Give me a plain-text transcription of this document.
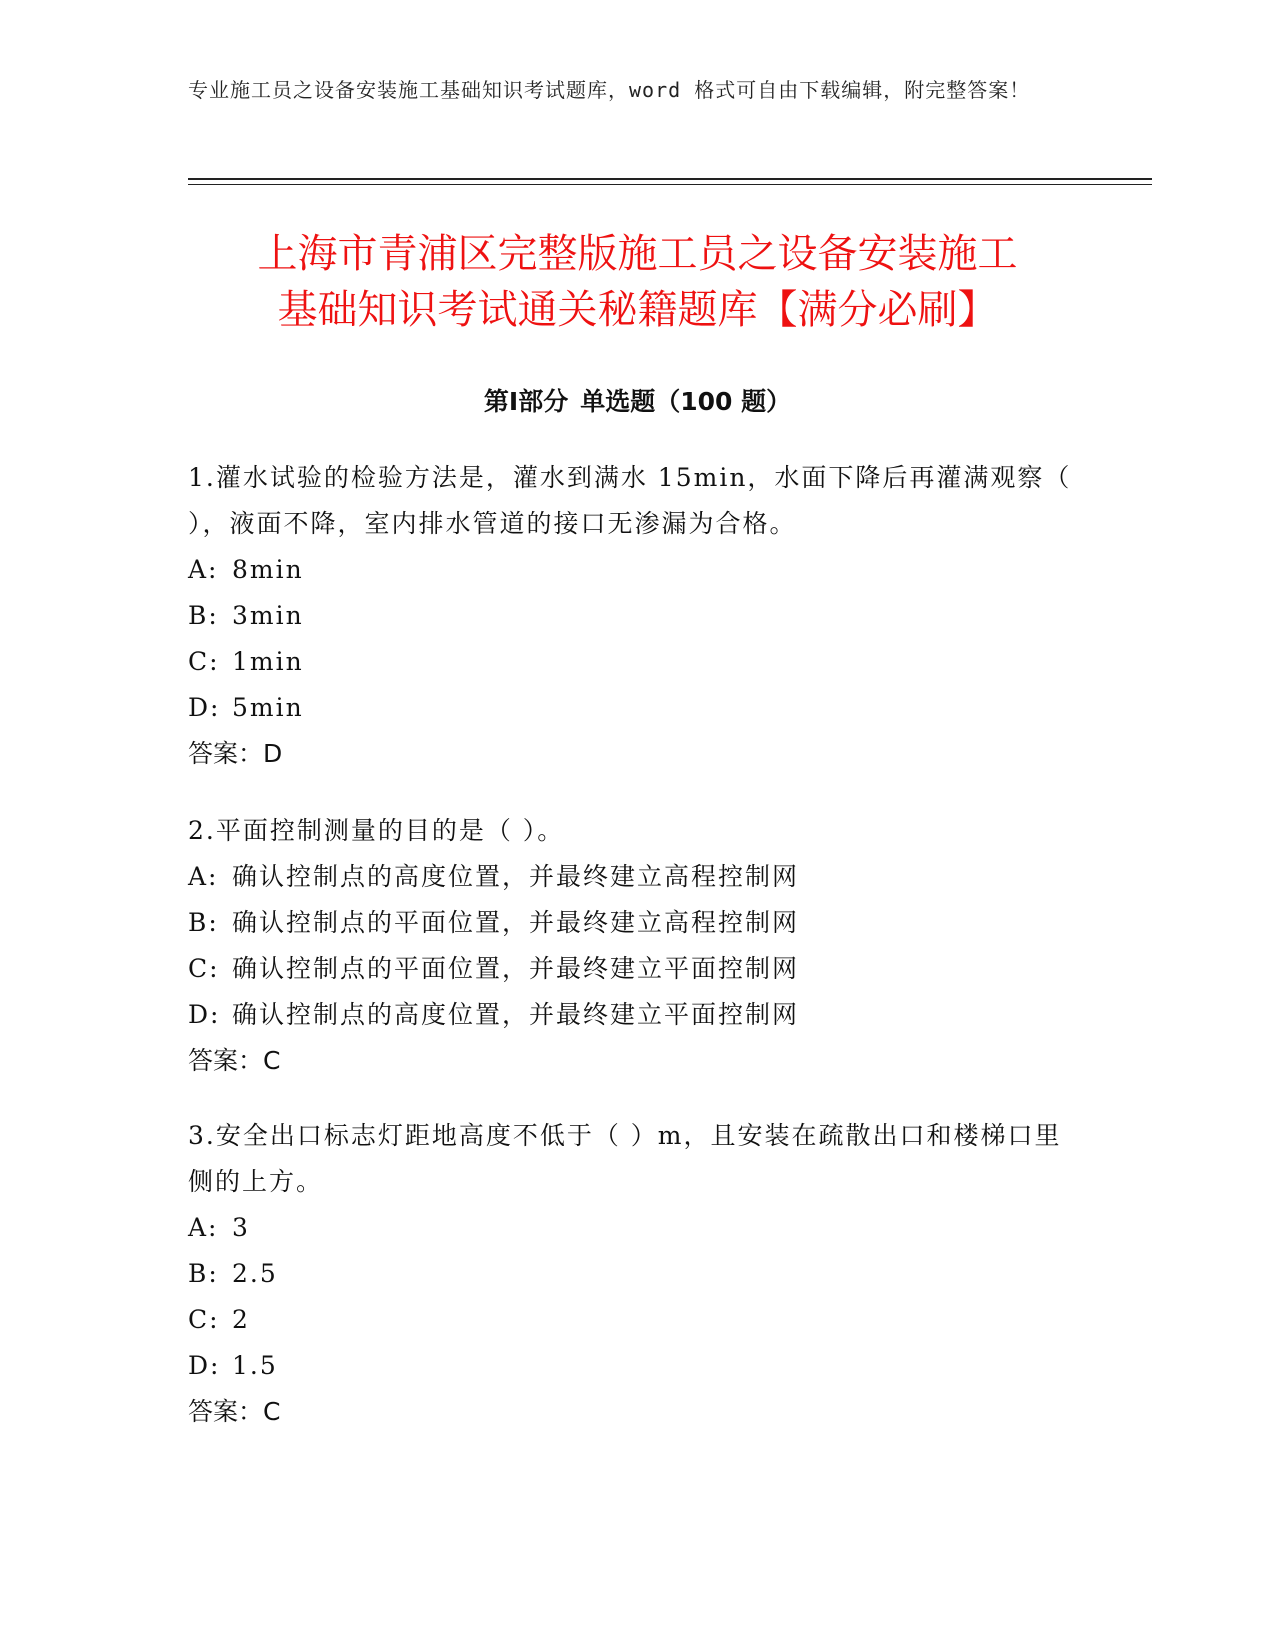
专业施工员之设备安装施工基础知识考试题库，word 格式可自由下载编辑，附完整答案！
上海市青浦区完整版施工员之设备安装施工
基础知识考试通关秘籍题库【满分必刷】
第Ⅰ部分 单选题（100 题）

1.灌水试验的检验方法是，灌水到满水 15min，水面下降后再灌满观察（ ），液面不降，室内排水管道的接口无渗漏为合格。

A: 8min

B: 3min

C: 1min

D: 5min

答案：D

2.平面控制测量的目的是（ ）。

A: 确认控制点的高度位置，并最终建立高程控制网

B: 确认控制点的平面位置，并最终建立高程控制网

C: 确认控制点的平面位置，并最终建立平面控制网

D: 确认控制点的高度位置，并最终建立平面控制网

答案：C

3.安全出口标志灯距地高度不低于（ ）m，且安装在疏散出口和楼梯口里侧的上方。

A: 3

B: 2.5

C: 2

D: 1.5

答案：C
